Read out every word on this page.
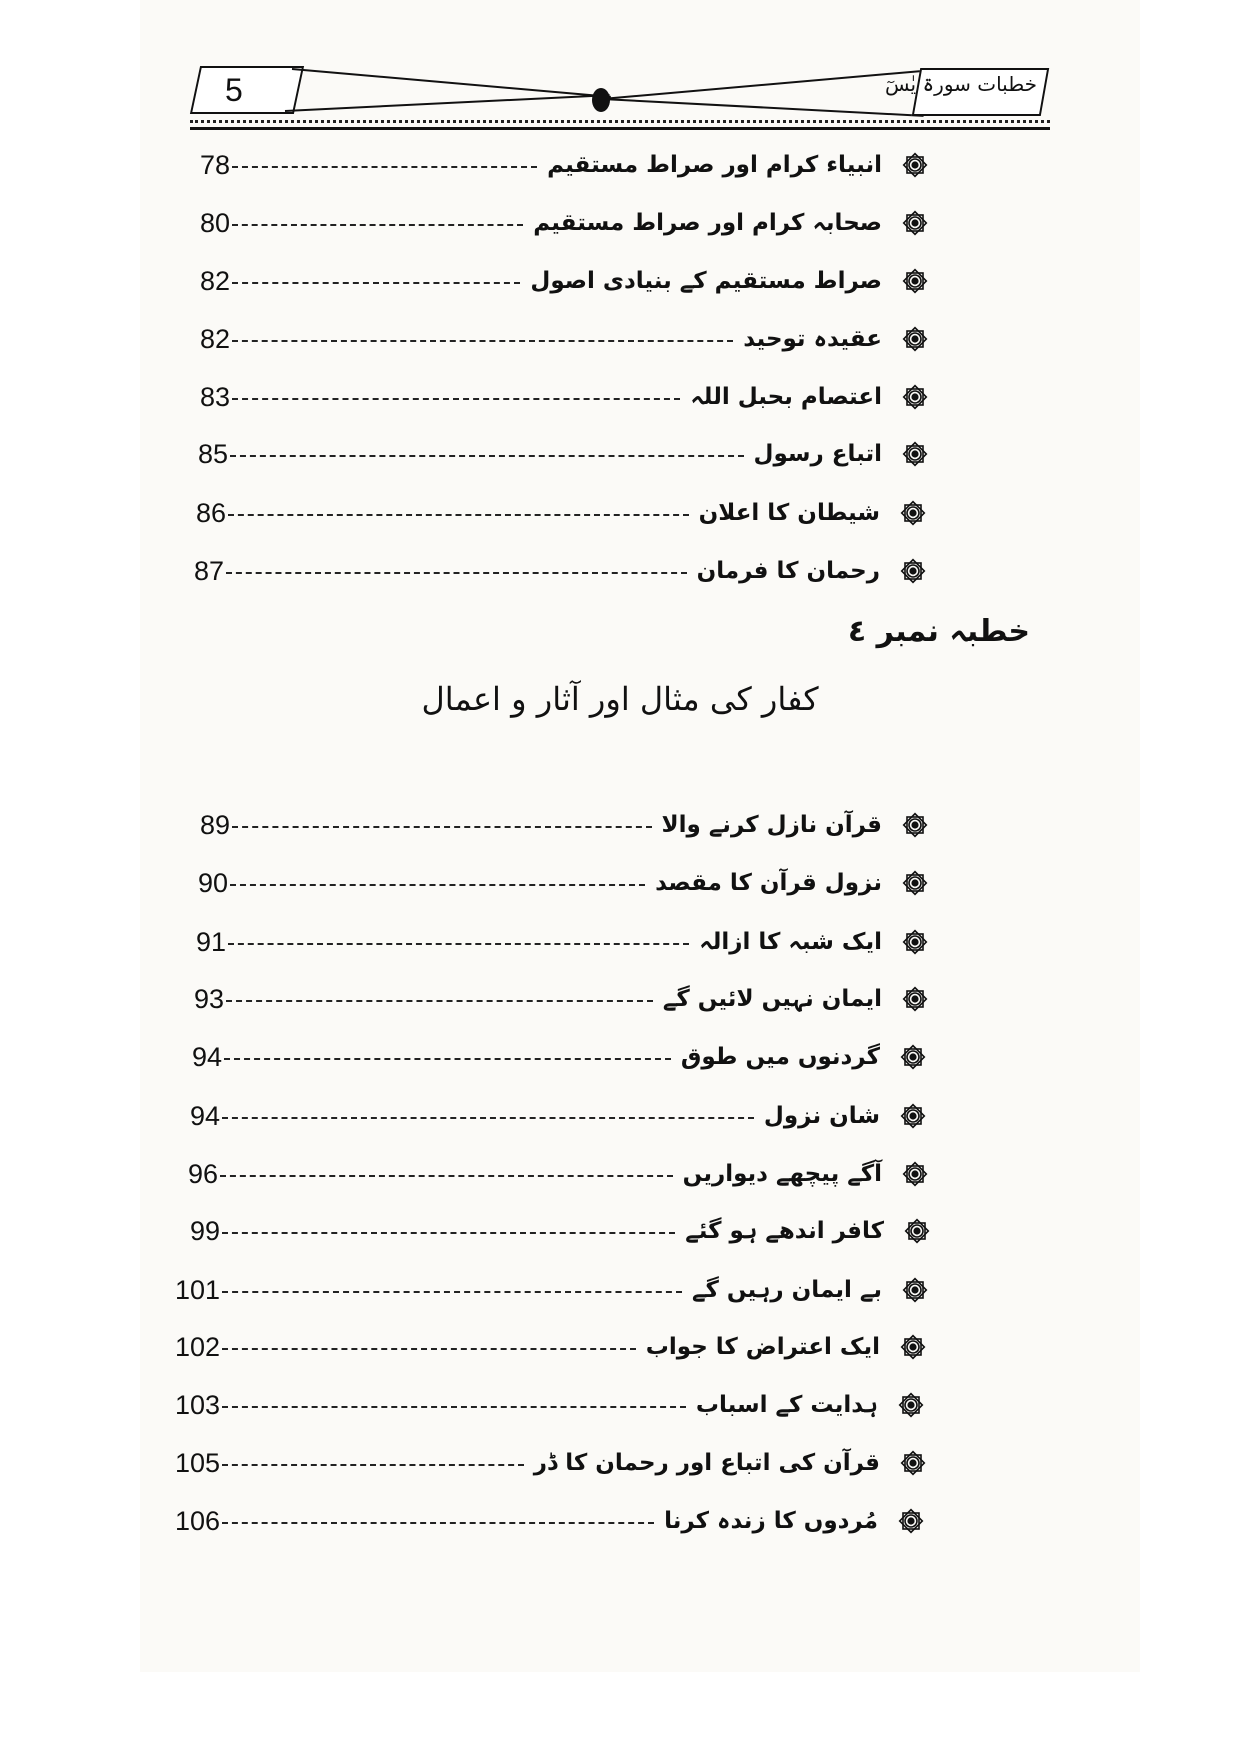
5	خطبات سورۃ یٰسٓ
78	انبیاء کرام اور صراط مستقیم
80	صحابہ کرام اور صراط مستقیم
82	صراط مستقیم کے بنیادی اصول
82	عقیدہ توحید
83	اعتصام بحبل اللہ
85	اتباع رسول
86	شیطان کا اعلان
87	رحمان کا فرمان
خطبہ نمبر ٤
کفار کی مثال اور آثار و اعمال
89	قرآن نازل کرنے والا
90	نزول قرآن کا مقصد
91	ایک شبہ کا ازالہ
93	ایمان نہیں لائیں گے
94	گردنوں میں طوق
94	شان نزول
96	آگے پیچھے دیواریں
99	کافر اندھے ہو گئے
101	بے ایمان رہیں گے
102	ایک اعتراض کا جواب
103	ہدایت کے اسباب
105	قرآن کی اتباع اور رحمان کا ڈر
106	مُردوں کا زندہ کرنا
